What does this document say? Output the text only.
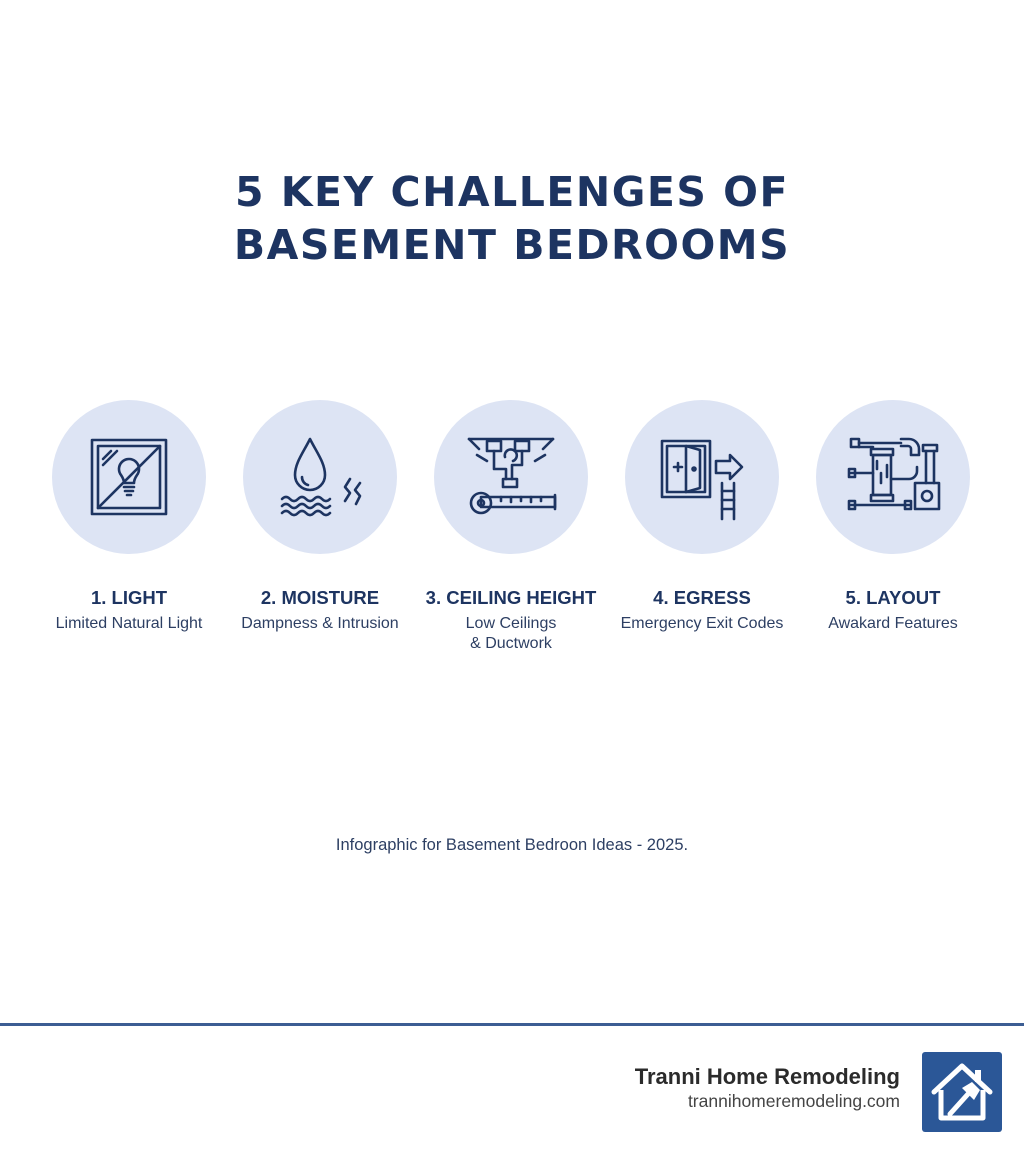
5 KEY CHALLENGES OF
BASEMENT BEDROOMS
1. LIGHT
Limited Natural Light
2. MOISTURE
Dampness & Intrusion
3. CEILING HEIGHT
Low Ceilings
& Ductwork
4. EGRESS
Emergency Exit Codes
5. LAYOUT
Awakard Features
Infographic for Basement Bedroon Ideas - 2025.
Tranni Home Remodeling
trannihomeremodeling.com
